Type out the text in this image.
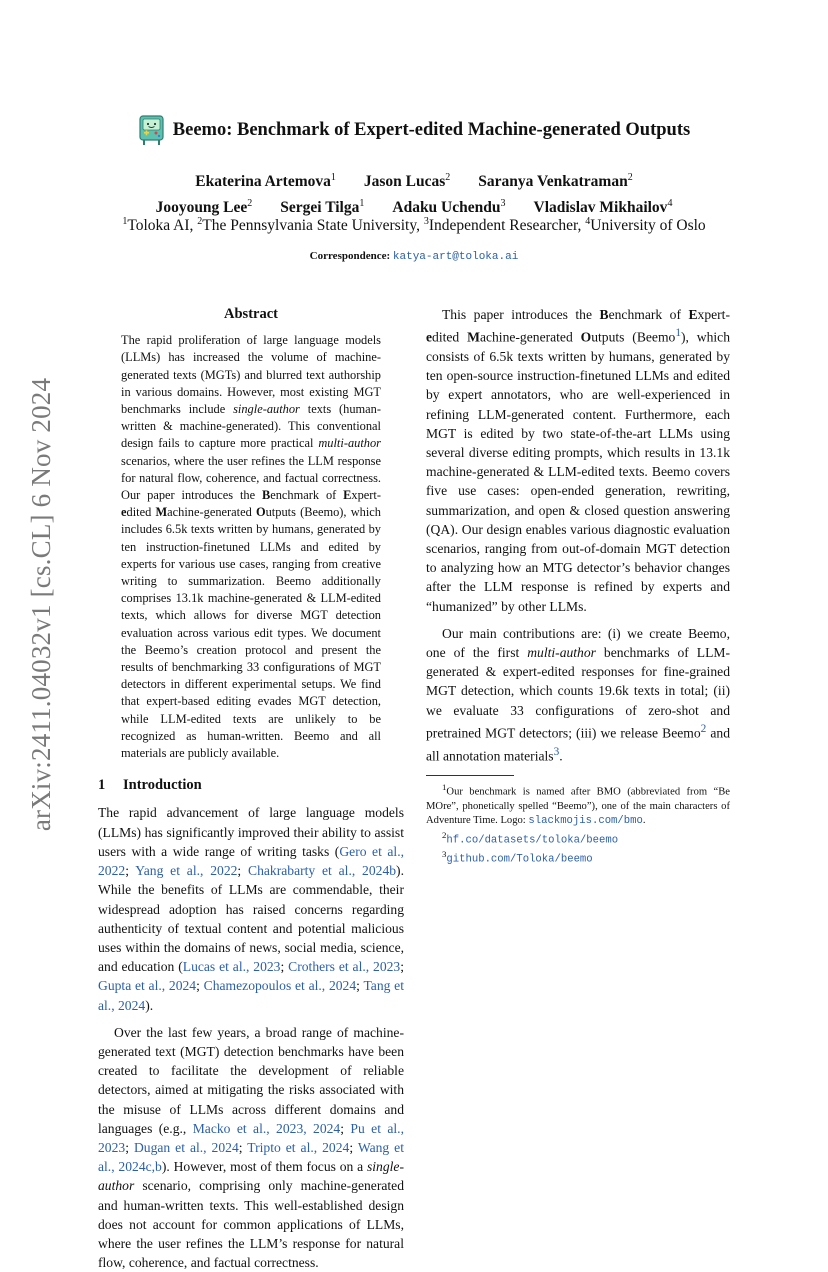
arXiv:2411.04032v1 [cs.CL] 6 Nov 2024
Beemo: Benchmark of Expert-edited Machine-generated Outputs
Ekaterina Artemova$^1$ Jason Lucas$^2$ Saranya Venkatraman$^2$
Jooyoung Lee$^2$ Sergei Tilga$^1$ Adaku Uchendu$^3$ Vladislav Mikhailov$^4$
$^1$Toloka AI, $^2$The Pennsylvania State University, $^3$Independent Researcher, $^4$University of Oslo
Correspondence: katya-art@toloka.ai
Abstract
The rapid proliferation of large language models (LLMs) has increased the volume of machine-generated texts (MGTs) and blurred text authorship in various domains. However, most existing MGT benchmarks include single-author texts (human-written & machine-generated). This conventional design fails to capture more practical multi-author scenarios, where the user refines the LLM response for natural flow, coherence, and factual correctness. Our paper introduces the Benchmark of Expert-edited Machine-generated Outputs (Beemo), which includes 6.5k texts written by humans, generated by ten instruction-finetuned LLMs and edited by experts for various use cases, ranging from creative writing to summarization. Beemo additionally comprises 13.1k machine-generated & LLM-edited texts, which allows for diverse MGT detection evaluation across various edit types. We document the Beemo’s creation protocol and present the results of benchmarking 33 configurations of MGT detectors in different experimental setups. We find that expert-based editing evades MGT detection, while LLM-edited texts are unlikely to be recognized as human-written. Beemo and all materials are publicly available.
1 Introduction

The rapid advancement of large language models (LLMs) has significantly improved their ability to assist users with a wide range of writing tasks (Gero et al., 2022; Yang et al., 2022; Chakrabarty et al., 2024b). While the benefits of LLMs are commendable, their widespread adoption has raised concerns regarding authenticity of textual content and potential malicious uses within the domains of news, social media, science, and education (Lucas et al., 2023; Crothers et al., 2023; Gupta et al., 2024; Chamezopoulos et al., 2024; Tang et al., 2024).

Over the last few years, a broad range of machine-generated text (MGT) detection benchmarks have been created to facilitate the development of reliable detectors, aimed at mitigating the risks associated with the misuse of LLMs across different domains and languages (e.g., Macko et al., 2023, 2024; Pu et al., 2023; Dugan et al., 2024; Tripto et al., 2024; Wang et al., 2024c,b). However, most of them focus on a single-author scenario, comprising only machine-generated and human-written texts. This well-established design does not account for common applications of LLMs, where the user refines the LLM’s response for natural flow, coherence, and factual correctness.

This paper introduces the Benchmark of Expert-edited Machine-generated Outputs (Beemo$^1$), which consists of 6.5k texts written by humans, generated by ten open-source instruction-finetuned LLMs and edited by expert annotators, who are well-experienced in refining LLM-generated content. Furthermore, each MGT is edited by two state-of-the-art LLMs using several diverse editing prompts, which results in 13.1k machine-generated & LLM-edited texts. Beemo covers five use cases: open-ended generation, rewriting, summarization, and open & closed question answering (QA). Our design enables various diagnostic evaluation scenarios, ranging from out-of-domain MGT detection to analyzing how an MTG detector’s behavior changes after the LLM response is refined by experts and “humanized” by other LLMs.

Our main contributions are: (i) we create Beemo, one of the first multi-author benchmarks of LLM-generated & expert-edited responses for fine-grained MGT detection, which counts 19.6k texts in total; (ii) we evaluate 33 configurations of zero-shot and pretrained MGT detectors; (iii) we release Beemo$^2$ and all annotation materials$^3$.

$^1$Our benchmark is named after BMO (abbreviated from “Be MOre”, phonetically spelled “Beemo”), one of the main characters of Adventure Time. Logo: slackmojis.com/bmo.

$^2$hf.co/datasets/toloka/beemo

$^3$github.com/Toloka/beemo
